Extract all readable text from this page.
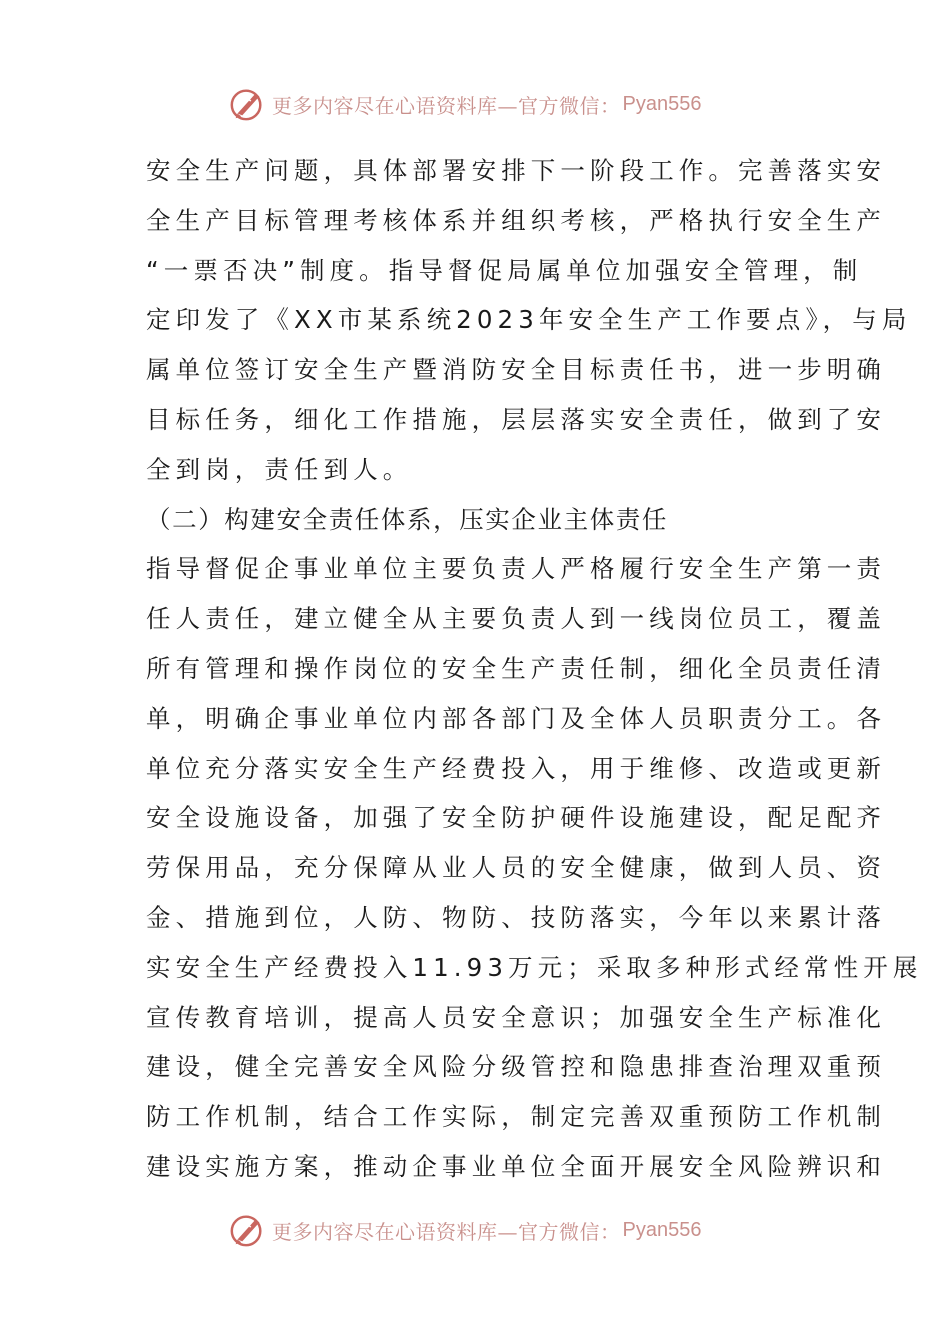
更多内容尽在心语资料库—官方微信： Pyan556
安全生产问题，具体部署安排下一阶段工作。完善落实安
全生产目标管理考核体系并组织考核，严格执行安全生产
“一票否决”制度。指导督促局属单位加强安全管理，制
定印发了《XX市某系统2023年安全生产工作要点》，与局
属单位签订安全生产暨消防安全目标责任书，进一步明确
目标任务，细化工作措施，层层落实安全责任，做到了安
全到岗，责任到人。
（二）构建安全责任体系，压实企业主体责任
指导督促企事业单位主要负责人严格履行安全生产第一责
任人责任，建立健全从主要负责人到一线岗位员工，覆盖
所有管理和操作岗位的安全生产责任制，细化全员责任清
单，明确企事业单位内部各部门及全体人员职责分工。各
单位充分落实安全生产经费投入，用于维修、改造或更新
安全设施设备，加强了安全防护硬件设施建设，配足配齐
劳保用品，充分保障从业人员的安全健康，做到人员、资
金、措施到位，人防、物防、技防落实，今年以来累计落
实安全生产经费投入11.93万元；采取多种形式经常性开展
宣传教育培训，提高人员安全意识；加强安全生产标准化
建设，健全完善安全风险分级管控和隐患排查治理双重预
防工作机制，结合工作实际，制定完善双重预防工作机制
建设实施方案，推动企事业单位全面开展安全风险辨识和
更多内容尽在心语资料库—官方微信： Pyan556
